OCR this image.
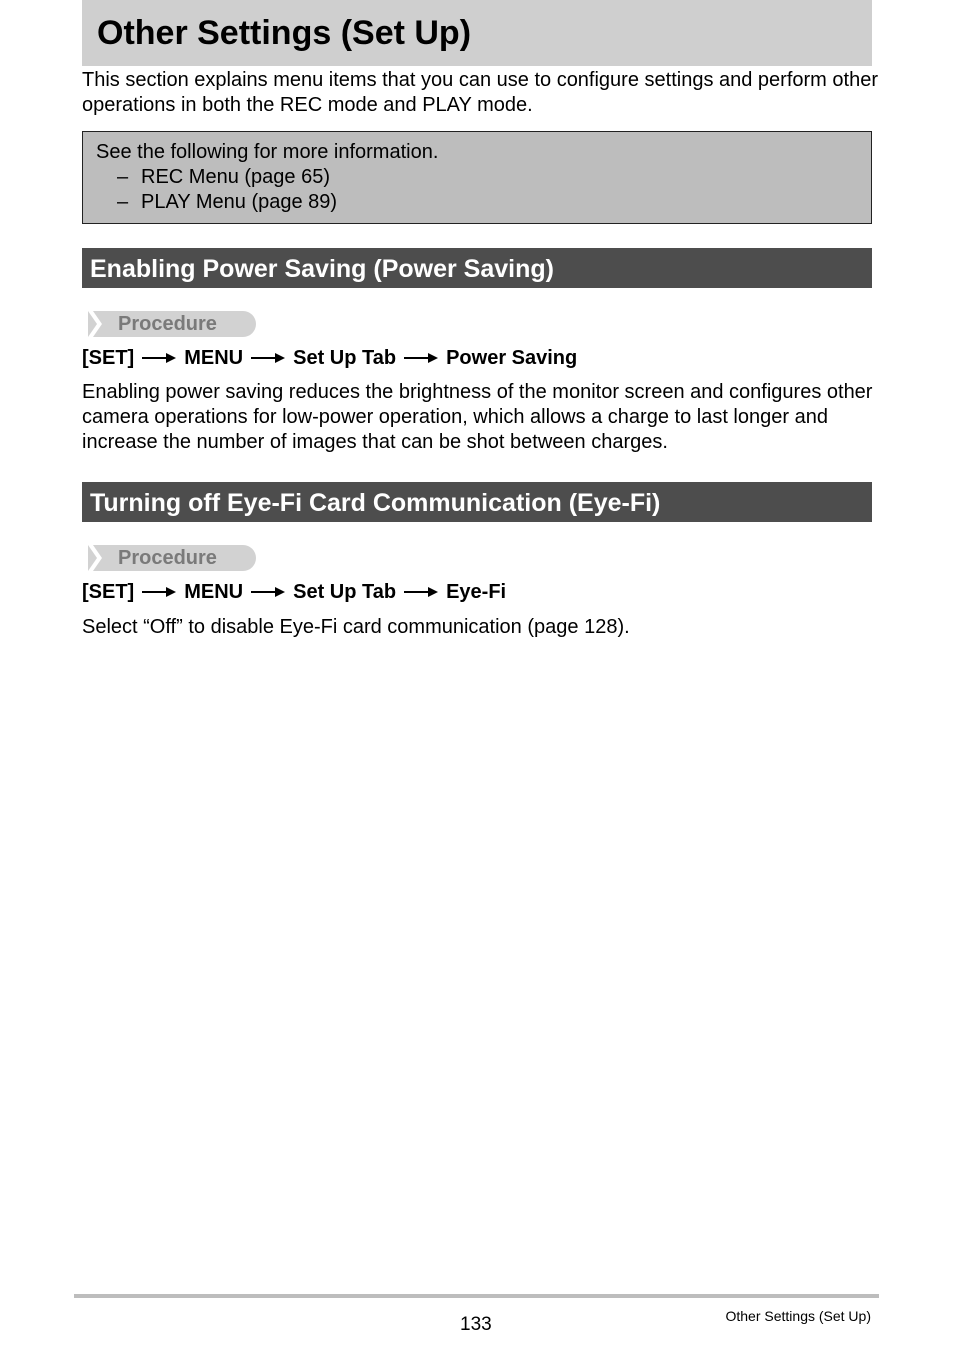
Other Settings (Set Up)

This section explains menu items that you can use to configure settings and perform other operations in both the REC mode and PLAY mode.

See the following for more information.
– REC Menu (page 65)
– PLAY Menu (page 89)
Enabling Power Saving (Power Saving)
Procedure
[SET]	MENU	Set Up Tab	Power Saving

Enabling power saving reduces the brightness of the monitor screen and configures other camera operations for low-power operation, which allows a charge to last longer and increase the number of images that can be shot between charges.

Turning off Eye-Fi Card Communication (Eye-Fi)
Procedure
[SET]	MENU	Set Up Tab	Eye-Fi

Select “Off” to disable Eye-Fi card communication (page 128).

133	Other Settings (Set Up)
